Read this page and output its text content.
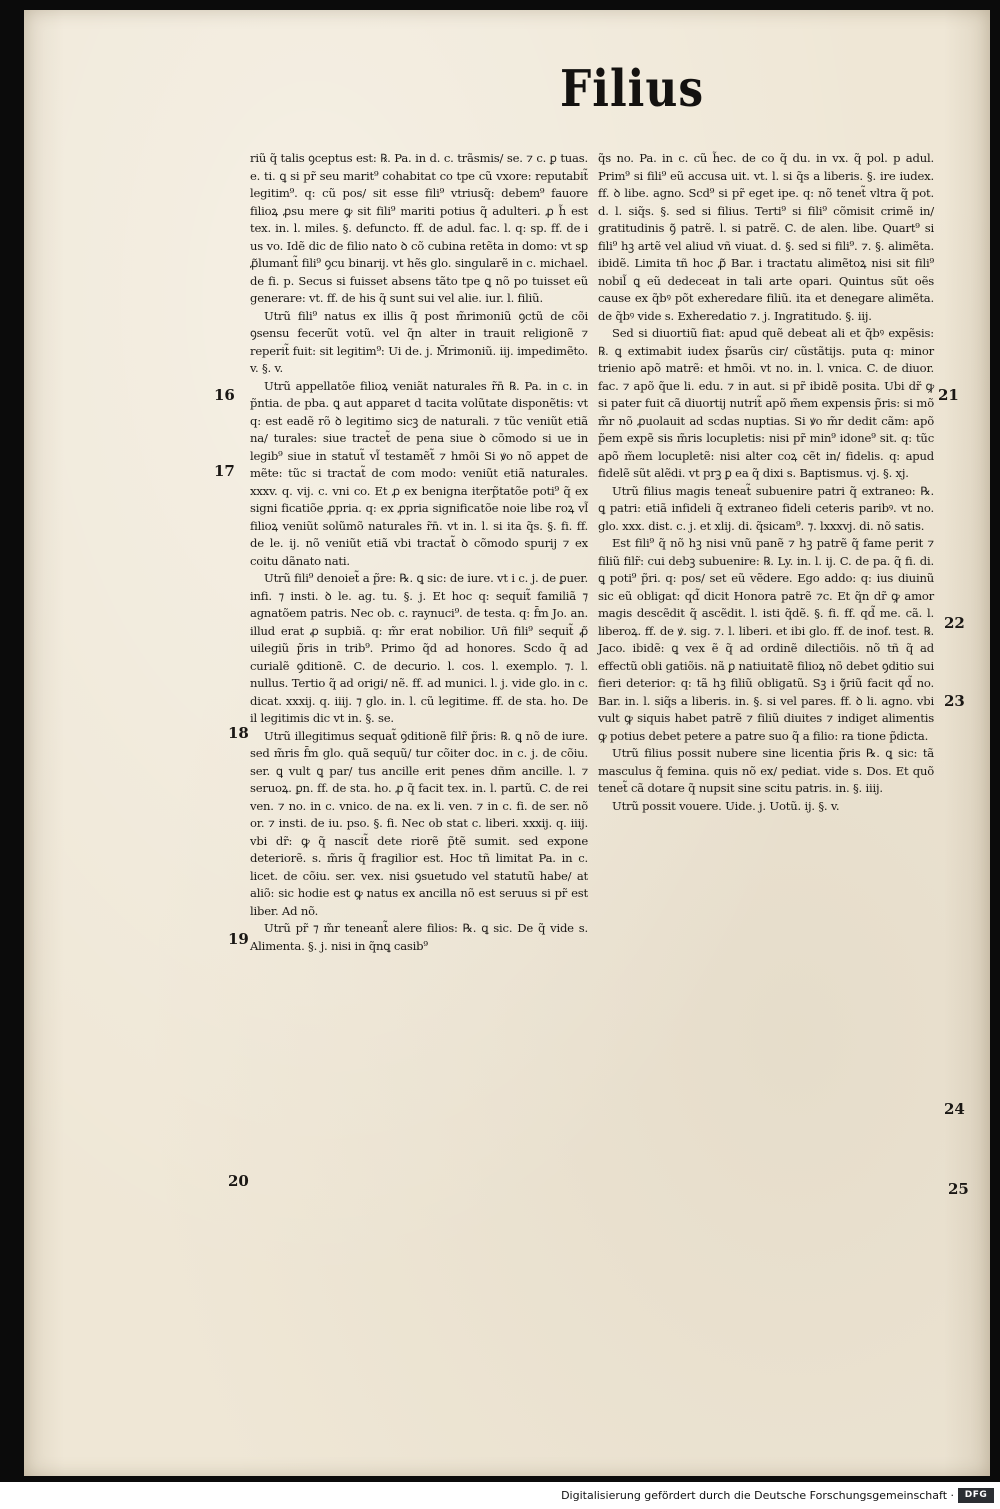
Filius

riũ q̃ talis ꝯceptus est: ℞. Pa. in d. c. trãsmis/ se. ⁊ c. ꝑ tuas. e. ti. ꝗ si pr̃ seu marit⁹ cohabitat co tpe cũ vxore: reputabit̃ legitim⁹. q: cũ pos/ sit esse fili⁹ vtriusq̃: debem⁹ fauore filioꝝ ꝓsu mere ꝙ sit fili⁹ mariti potius q̃ adulteri. ꝓ h̃ est tex. in. l. miles. §. defuncto. ff. de adul. fac. l. q: sp. ff. de i us vo. Idẽ dic de filio nato ꝺ cõ cubina retẽta in domo: vt sꝑ ꝓ̃lumant̃ fili⁹ ꝯcu binarij. vt hẽs glo. singularẽ in c. michael. de fi. p. Secus si fuisset absens tãto tpe ꝗ nõ po tuisset eũ generare: vt. ff. de his q̃ sunt sui vel alie. iur. l. filiũ.

Utrũ fili⁹ natus ex illis q̃ post m̃rimoniũ ꝯctũ de cõi ꝯsensu fecerũt votũ. vel q̃n alter in trauit religionẽ ⁊ reperit̃ fuit: sit legitim⁹: Ui de. j. M̃rimoniũ. iij. impedimẽto. v. §. v.

Utrũ appellatõe filioꝝ veniãt naturales r̃n̄ ℞. Pa. in c. in p̃ntia. de pba. ꝗ aut apparet d tacita volũtate disponẽtis: vt q: est eadẽ rõ ꝺ legitimo sicꝫ de naturali. ⁊ tũc veniũt etiã na/ turales: siue tractet̃ de pena siue ꝺ cõmodo si ue in legib⁹ siue in statut̃ vl̃ testamẽt̃ ⁊ hmõi Si ꝟo nõ appet de mẽte: tũc si tractat̃ de com modo: veniũt etiã naturales. xxxv. q. vij. c. vni co. Et ꝓ ex benigna iterp̃tatõe poti⁹ q̃ ex signi ficatiõe ꝓpria. q: ex ꝓpria significatõe noie libe roꝝ vl̃ filioꝝ veniũt solũmõ naturales r̃n̄. vt in. l. si ita q̃s. §. fi. ff. de le. ij. nõ veniũt etiã vbi tractat̃ ꝺ cõmodo spurij ⁊ ex coitu dãnato nati.

Utrũ fili⁹ denoiet̃ a p̃re: ℞. ꝗ sic: de iure. vt i c. j. de ꝑuer. infi. ⁊ insti. ꝺ le. ag. tu. §. j. Et hoc q: sequit̃ familiã ⁊ agnatõem patris. Nec ob. c. raynuci⁹. de testa. q: f̄m Jo. an. illud erat ꝓ supbiã. q: m̃r erat nobilior. Uñ fili⁹ sequit̃ ꝓ̃ uilegiũ p̃ris in trib⁹. Primo q̃d ad honores. Scdo q̃ ad curialẽ ꝯditionẽ. C. de decurio. l. cos. l. exemplo. ⁊. l. nullus. Tertio q̃ ad origi/ nẽ. ff. ad munici. l. j. vide glo. in c. dicat. xxxij. q. iiij. ⁊ glo. in. l. cũ legitime. ff. de sta. ho. De il legitimis dic vt in. §. se.

Utrũ illegitimus sequat̃ ꝯditionẽ filr̃ p̃ris: ℞. ꝗ nõ de iure. sed m̃ris f̄m glo. quã sequũ/ tur cõiter doc. in c. j. de cõiu. ser. ꝗ vult ꝗ par/ tus ancille erit penes dñm ancille. l. ⁊ seruoꝝ. ꝑn. ff. de sta. ho. ꝓ q̃ facit tex. in. l. partũ. C. de rei ven. ⁊ no. in c. vnico. de na. ex li. ven. ⁊ in c. fi. de ser. nõ or. ⁊ insti. de iu. pso. §. fi. Nec ob stat c. liberi. xxxij. q. iiij. vbi dr̃: ꝙ q̃ nascit̃ dete riorẽ p̃tẽ sumit. sed expone deteriorẽ. s. m̃ris q̃ fragilior est. Hoc tñ limitat Pa. in c. licet. de cõiu. ser. vex. nisi ꝯsuetudo vel statutũ habe/ at aliõ: sic hodie est ꝙ natus ex ancilla nõ est seruus si pr̃ est liber. Ad nõ.

Utrũ pr̃ ⁊ m̃r teneant̃ alere filios: ℞. ꝗ sic. De q̃ vide s. Alimenta. §. j. nisi in q̃nꝗ casib⁹

q̃s no. Pa. in c. cũ h̃ec. de co q̃ du. in vx. q̃ pol. p adul. Prim⁹ si fili⁹ eũ accusa uit. vt. l. si q̃s a liberis. §. ire iudex. ff. ꝺ libe. agno. Scd⁹ si pr̃ eget ipe. q: nõ tenet̃ vltra q̃ pot. d. l. siq̃s. §. sed si filius. Terti⁹ si fili⁹ cõmisit crimẽ in/ gratitudinis ꝯ̃ patrẽ. l. si patrẽ. C. de alen. libe. Quart⁹ si fili⁹ hꝫ artẽ vel aliud vñ viuat. d. §. sed si fili⁹. ⁊. §. alimẽta. ibidẽ. Limita tñ hoc ꝓ̃ Bar. i tractatu alimẽtoꝝ nisi sit fili⁹ nobil̃ ꝗ eũ dedeceat in tali arte opari. Quintus sũt oẽs cause ex q̃bꝰ põt exheredare filiũ. ita et denegare alimẽta. de q̃bꝰ vide s. Exheredatio ⁊. j. Ingratitudo. §. iij.

Sed si diuortiũ fiat: apud quẽ debeat ali et q̃bꝰ expẽsis: ℞. ꝗ extimabit iudex p̃sarũs cir/ cũstãtijs. puta q: minor trienio apõ matrẽ: et hmõi. vt no. in. l. vnica. C. de diuor. fac. ⁊ apõ q̃ue li. edu. ⁊ in aut. si pr̃ ibidẽ posita. Ubi dr̃ ꝙ si pater fuit cã diuortij nutrit̃ apõ m̃em expensis p̃ris: si mõ m̃r nõ ꝓuolauit ad scdas nuptias. Si ꝟo m̃r dedit cãm: apõ p̃em expẽ sis m̃ris locupletis: nisi pr̃ min⁹ idone⁹ sit. q: tũc apõ m̃em locupletẽ: nisi alter coꝝ cẽt in/ fidelis. q: apud fidelẽ sũt alẽdi. vt prꝫ ꝑ ea q̃ dixi s. Baptismus. vj. §. xj.

Utrũ filius magis teneat̃ subuenire patri q̃ extraneo: ℞. ꝗ patri: etiã infideli q̃ extraneo fideli ceteris paribꝰ. vt no. glo. xxx. dist. c. j. et xlij. di. q̃sicam⁹. ⁊. lxxxvj. di. nõ satis.

Est fili⁹ q̃ nõ hꝫ nisi vnũ panẽ ⁊ hꝫ patrẽ q̃ fame perit ⁊ filiũ filr̃: cui debꝫ subuenire: ℞. Ly. in. l. ij. C. de pa. q̃ fi. di. ꝗ poti⁹ p̃ri. q: pos/ set eũ vẽdere. Ego addo: q: ius diuinũ sic eũ obligat: qd̃ dicit Honora patrẽ ⁊c. Et q̃n dr̃ ꝙ amor magis descẽdit q̃ ascẽdit. l. isti q̃dẽ. §. fi. ff. qd̃ me. cã. l. liberoꝝ. ff. de ꝟ. sig. ⁊. l. liberi. et ibi glo. ff. de inof. test. ℞. Jaco. ibidẽ: ꝗ vex ẽ q̃ ad ordinẽ dilectiõis. nõ tñ q̃ ad effectũ obli gatiõis. nã ꝑ natiuitatẽ filioꝝ nõ debet ꝯditio sui fieri deterior: q: tã hꝫ filiũ obligatũ. Sꝫ i ꝯ̃riũ facit qd̃ no. Bar. in. l. siq̃s a liberis. in. §. si vel pares. ff. ꝺ li. agno. vbi vult ꝙ siquis habet patrẽ ⁊ filiũ diuites ⁊ indiget alimentis ꝙ potius debet petere a patre suo q̃ a filio: ra tione p̃dicta.

Utrũ filius possit nubere sine licentia p̃ris ℞. ꝗ sic: tã masculus q̃ femina. quis nõ ex/ pediat. vide s. Dos. Et quõ tenet̃ cã dotare q̃ nupsit sine scitu patris. in. §. iiij.

Utrũ possit vouere. Uide. j. Uotũ. ij. §. v.

16
17
18
19
20
21
22
23
24
25
Digitalisierung gefördert durch die Deutsche Forschungsgemeinschaft ·	DFG
